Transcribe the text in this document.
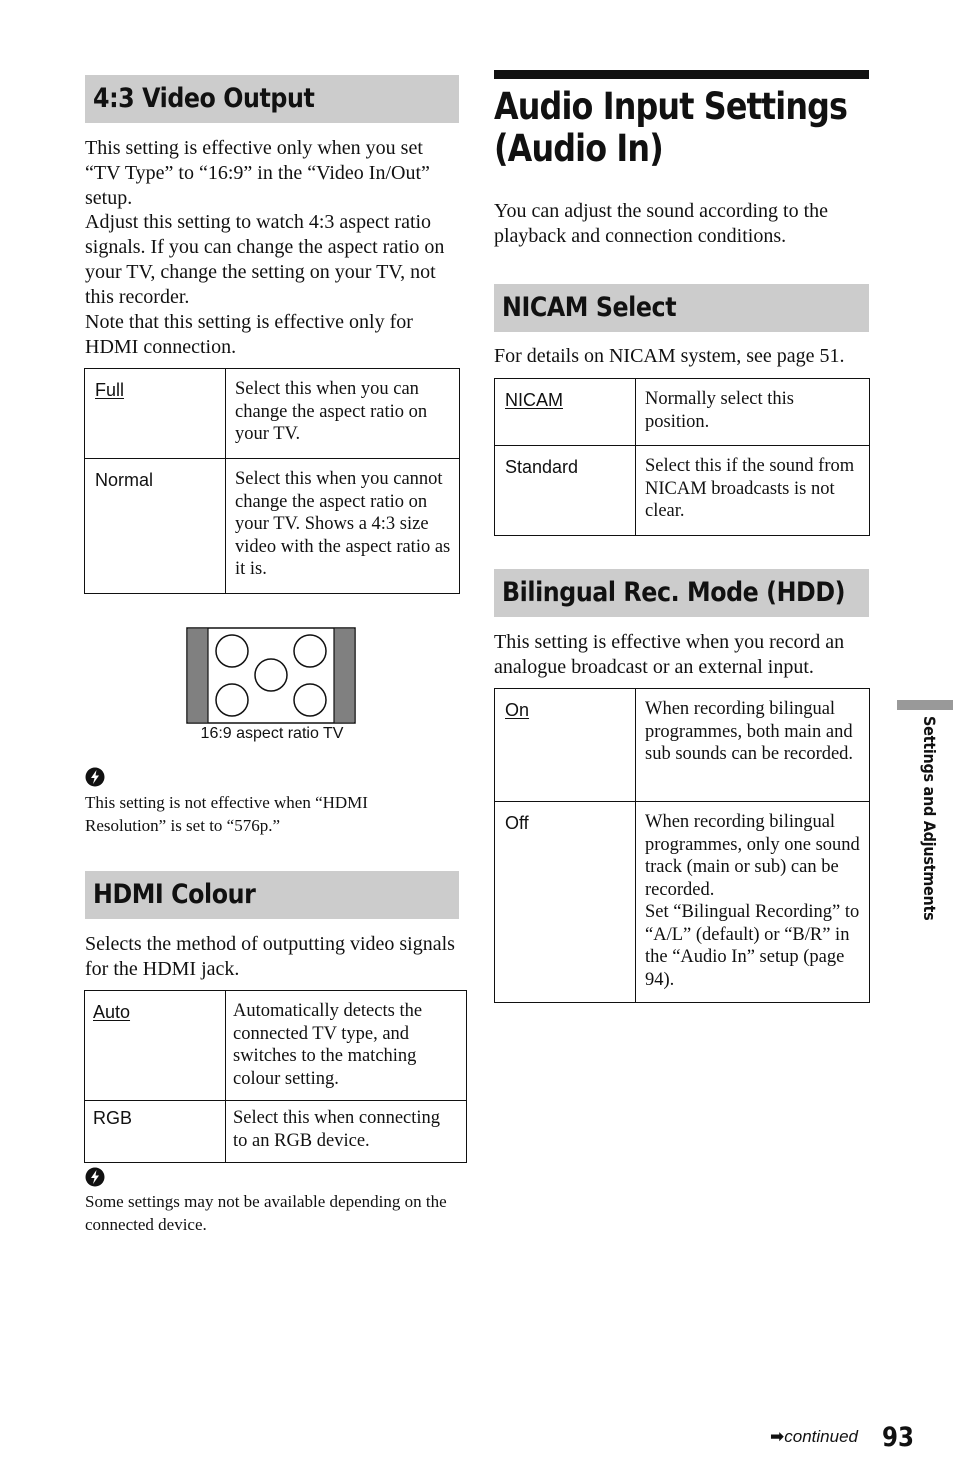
4:3 Video Output

This setting is effective only when you set “TV Type” to “16:9” in the “Video In/Out” setup.

Adjust this setting to watch 4:3 aspect ratio signals. If you can change the aspect ratio on your TV, change the setting on your TV, not this recorder.

Note that this setting is effective only for HDMI connection.

Full	Select this when you can change the aspect ratio on your TV.
Normal	Select this when you cannot change the aspect ratio on your TV. Shows a 4:3 size video with the aspect ratio as it is.
16:9 aspect ratio TV

This setting is not effective when “HDMI Resolution” is set to “576p.”

HDMI Colour

Selects the method of outputting video signals for the HDMI jack.

Auto	Automatically detects the connected TV type, and switches to the matching colour setting.
RGB	Select this when connecting to an RGB device.

Some settings may not be available depending on the connected device.

Audio Input Settings
(Audio In)

You can adjust the sound according to the playback and connection conditions.

NICAM Select

For details on NICAM system, see page 51.

NICAM	Normally select this position.
Standard	Select this if the sound from NICAM broadcasts is not clear.
Bilingual Rec. Mode (HDD)

This setting is effective when you record an analogue broadcast or an external input.

On	When recording bilingual programmes, both main and sub sounds can be recorded.
Off	When recording bilingual programmes, only one sound track (main or sub) can be recorded.
Set “Bilingual Recording” to “A/L” (default) or “B/R” in the “Audio In” setup (page 94).
Settings and Adjustments
➡continued 93
